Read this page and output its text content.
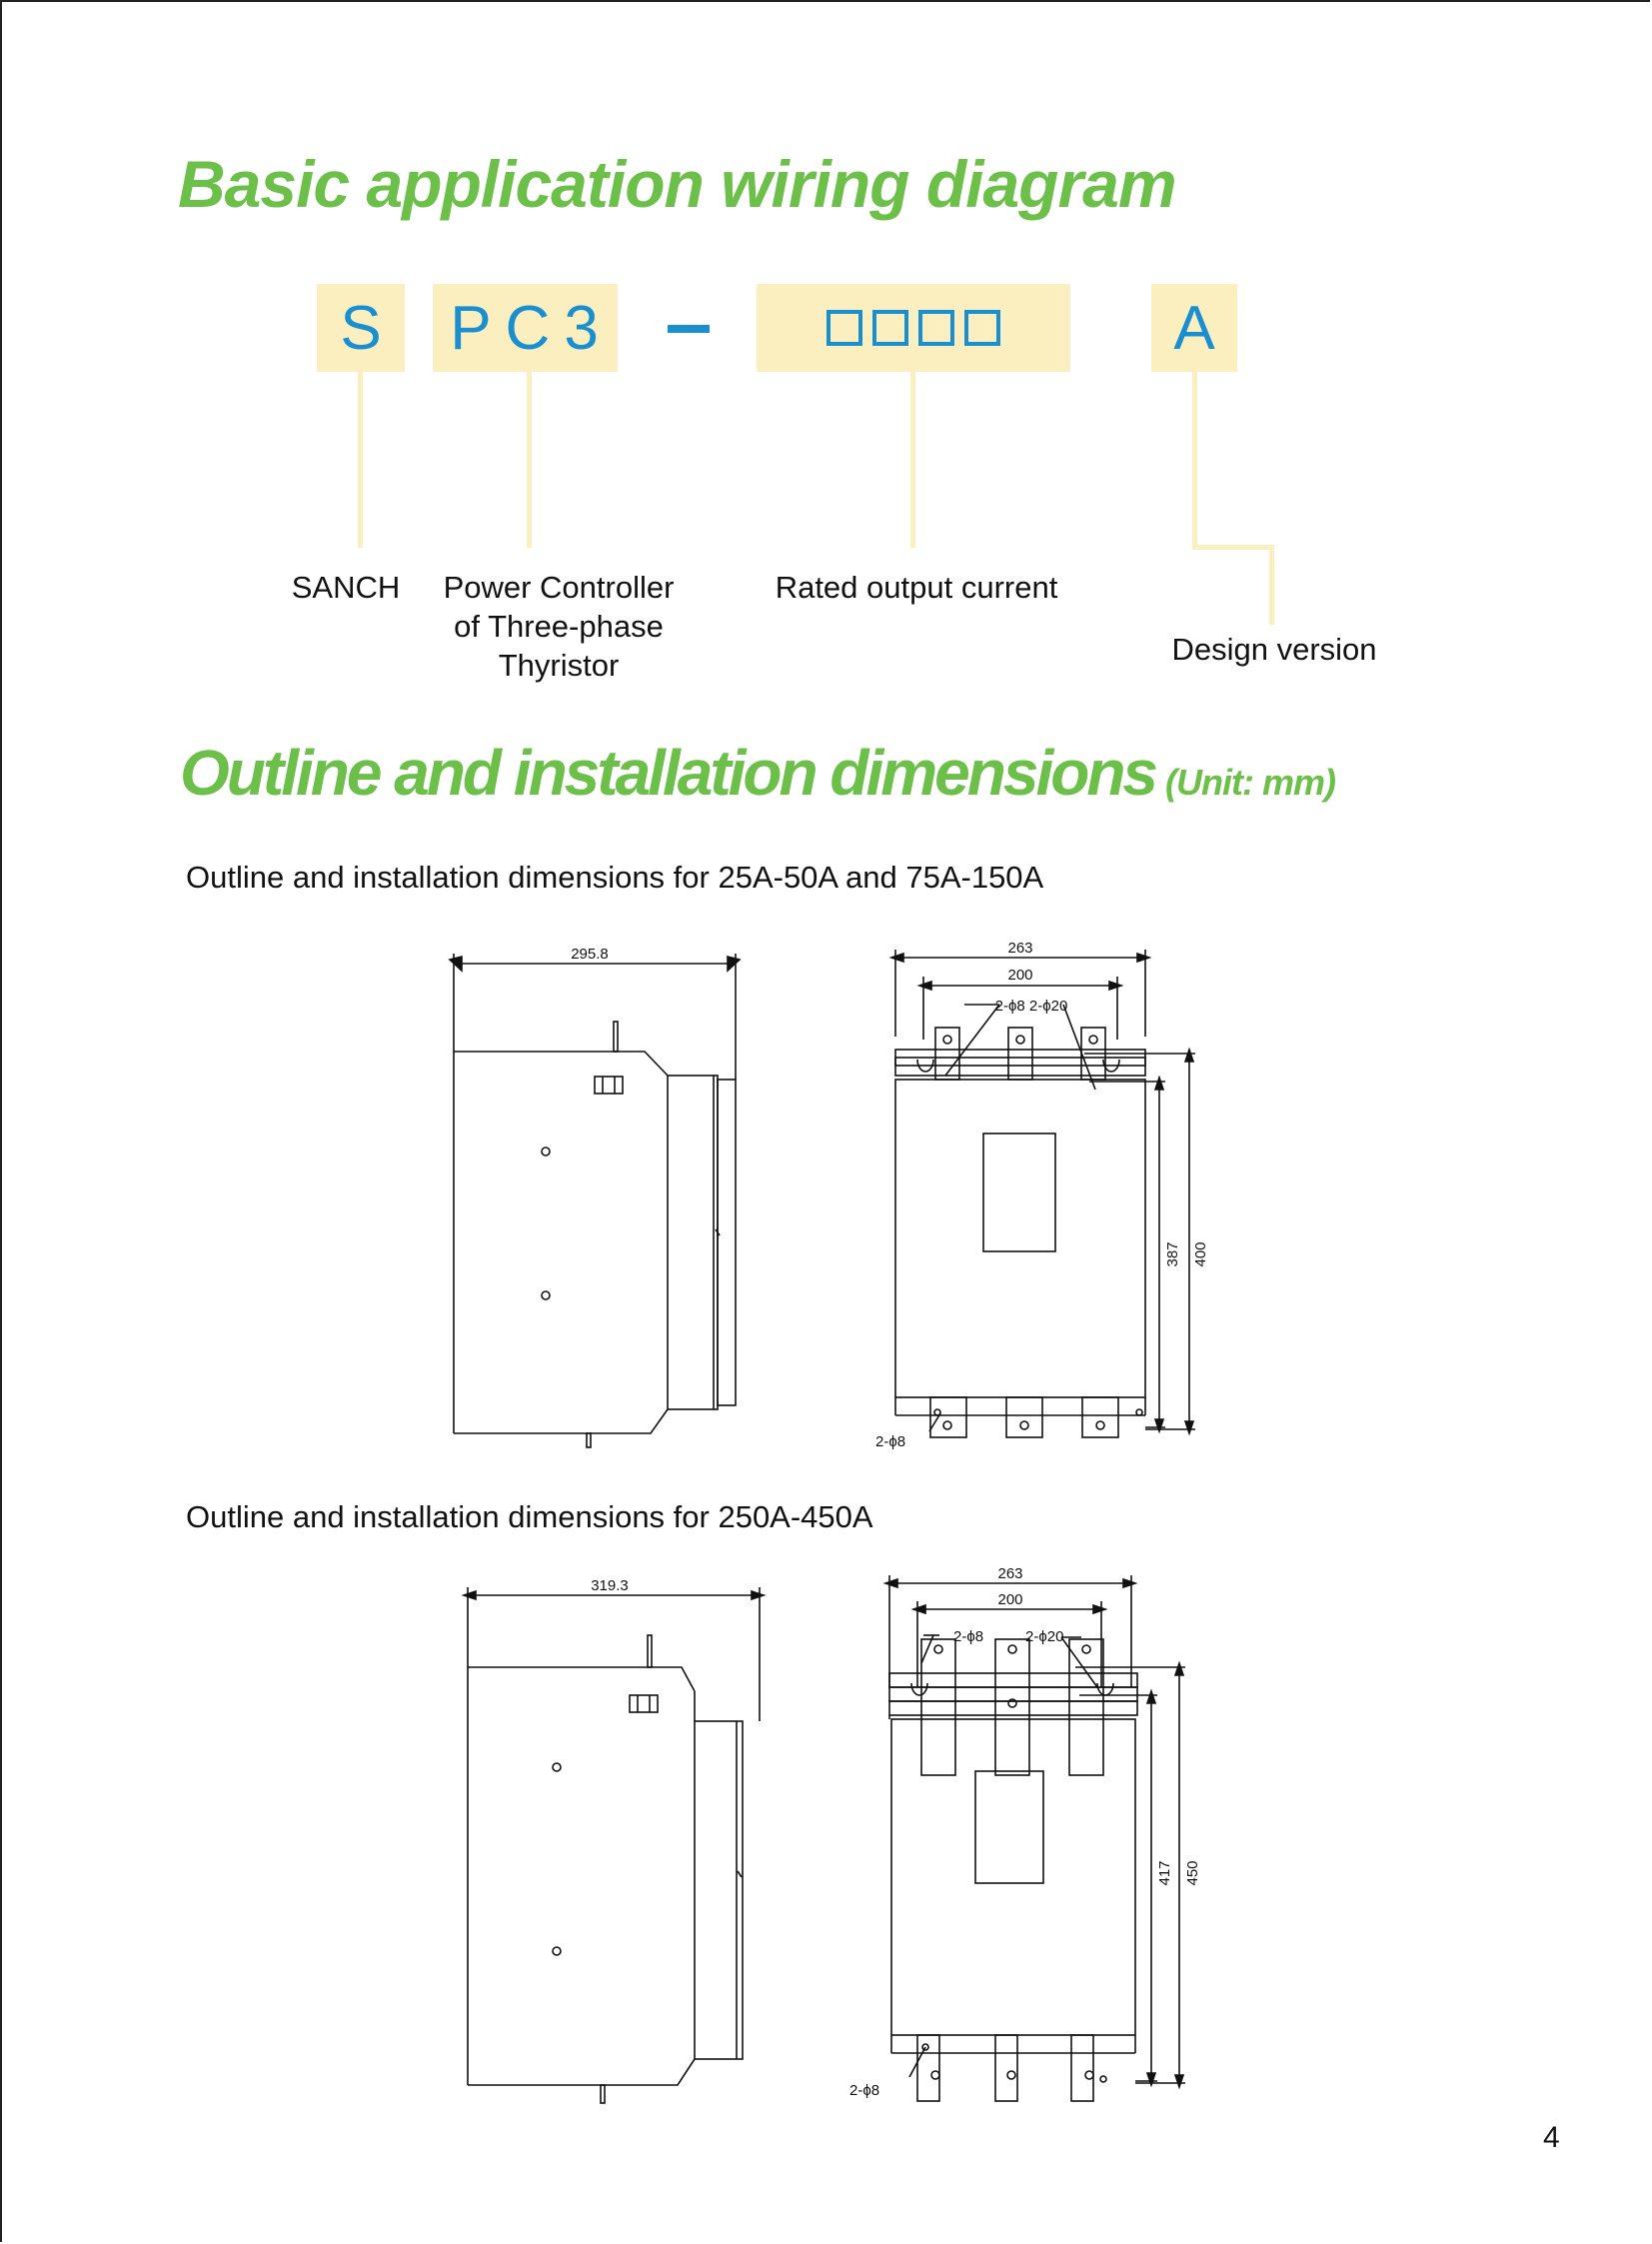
Basic application wiring diagram
S PC3	A
SANCH	Power Controller
of Three-phase
Thyristor
Rated output current
Design version
Outline and installation dimensions (Unit: mm)
Outline and installation dimensions for 25A-50A and 75A-150A
295.8	263
200
2-ϕ8 2-ϕ20
387 400
2-ϕ8
Outline and installation dimensions for 250A-450A
319.3
263
200
2-ϕ8	2-ϕ20
417 450
2-ϕ8
4
